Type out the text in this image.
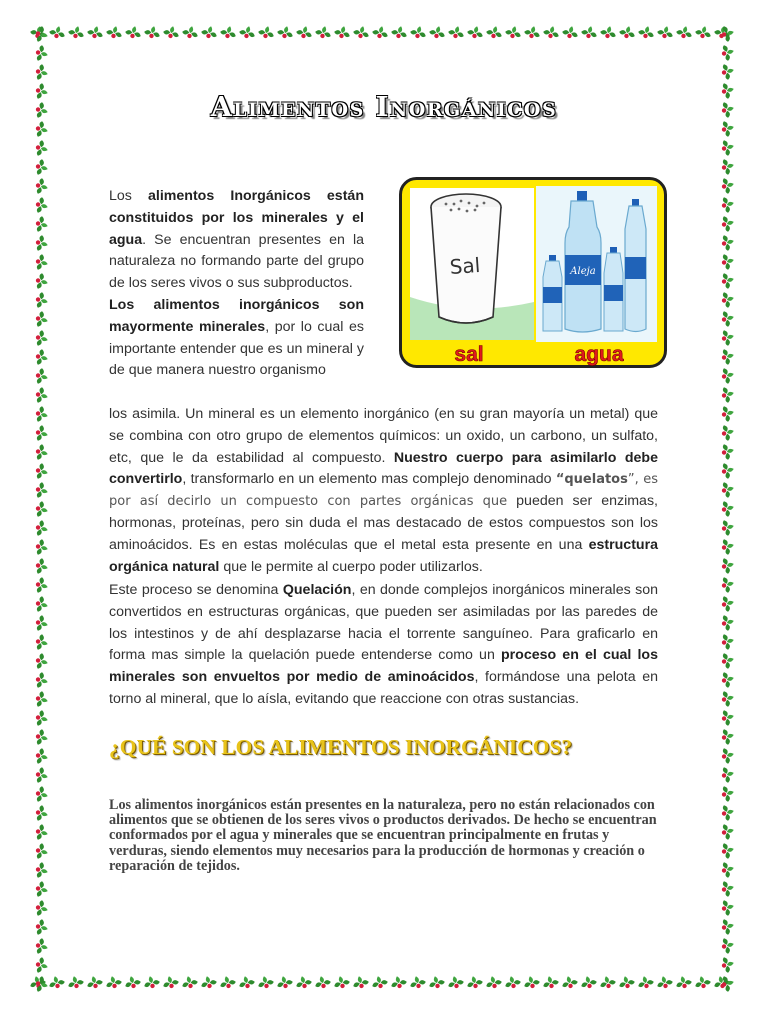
Alimentos Inorgánicos
Los alimentos Inorgánicos están constituidos por los minerales y el agua. Se encuentran presentes en la naturaleza no formando parte del grupo de los seres vivos o sus subproductos.
Los alimentos inorgánicos son mayormente minerales, por lo cual es importante entender que es un mineral y de que manera nuestro organismo
Sal	Aleja
sal	agua
los asimila. Un mineral es un elemento inorgánico (en su gran mayoría un metal) que se combina con otro grupo de elementos químicos: un oxido, un carbono, un sulfato, etc, que le da estabilidad al compuesto. Nuestro cuerpo para asimilarlo debe convertirlo, transformarlo en un elemento mas complejo denominado “quelatos”, es por así decirlo un compuesto con partes orgánicas que pueden ser enzimas, hormonas, proteínas, pero sin duda el mas destacado de estos compuestos son los aminoácidos. Es en estas moléculas que el metal esta presente en una estructura orgánica natural que le permite al cuerpo poder utilizarlos.
Este proceso se denomina Quelación, en donde complejos inorgánicos minerales son convertidos en estructuras orgánicas, que pueden ser asimiladas por las paredes de los intestinos y de ahí desplazarse hacia el torrente sanguíneo. Para graficarlo en forma mas simple la quelación puede entenderse como un proceso en el cual los minerales son envueltos por medio de aminoácidos, formándose una pelota en torno al mineral, que lo aísla, evitando que reaccione con otras sustancias.
¿QUÉ SON LOS ALIMENTOS INORGÁNICOS?
Los alimentos inorgánicos están presentes en la naturaleza, pero no están relacionados con alimentos que se obtienen de los seres vivos o productos derivados. De hecho se encuentran conformados por el agua y minerales que se encuentran principalmente en frutas y verduras, siendo elementos muy necesarios para la producción de hormonas y creación o reparación de tejidos.
